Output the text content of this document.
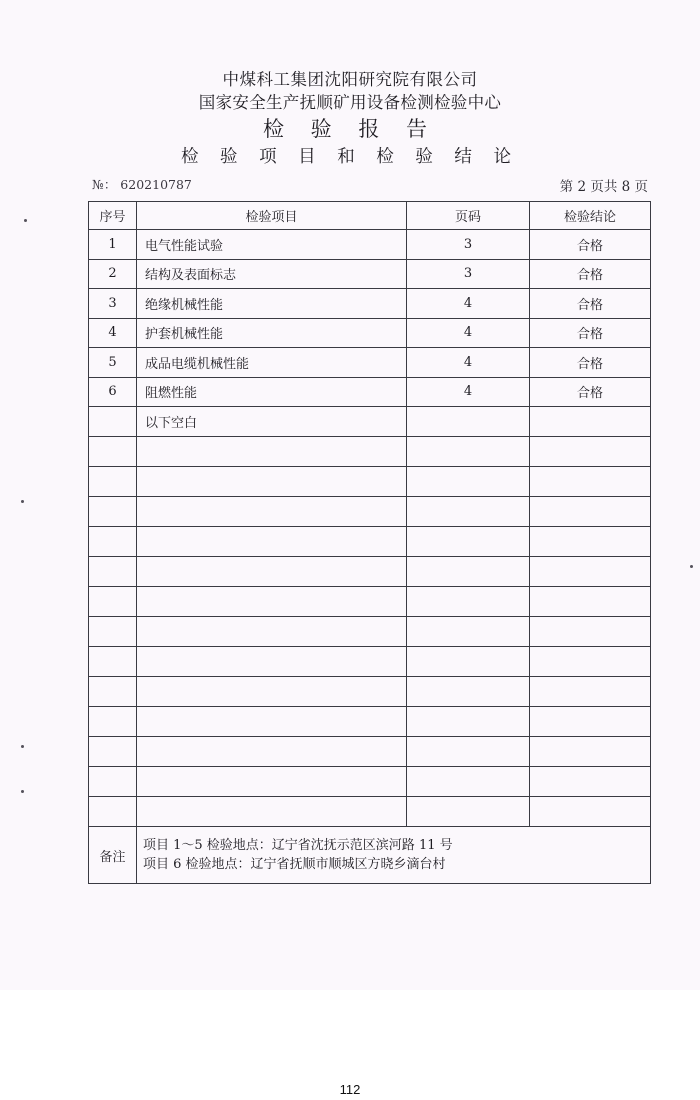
中煤科工集团沈阳研究院有限公司
国家安全生产抚顺矿用设备检测检验中心
检 验 报 告
检 验 项 目 和 检 验 结 论
№： 620210787	第 2 页共 8 页
序号	检验项目	页码	检验结论
1	电气性能试验	3	合格
2	结构及表面标志	3	合格
3	绝缘机械性能	4	合格
4	护套机械性能	4	合格
5	成品电缆机械性能	4	合格
6	阻燃性能	4	合格
	以下空白		

备注	项目 1～5 检验地点：辽宁省沈抚示范区滨河路 11 号
项目 6 检验地点：辽宁省抚顺市顺城区方晓乡滴台村		
112
